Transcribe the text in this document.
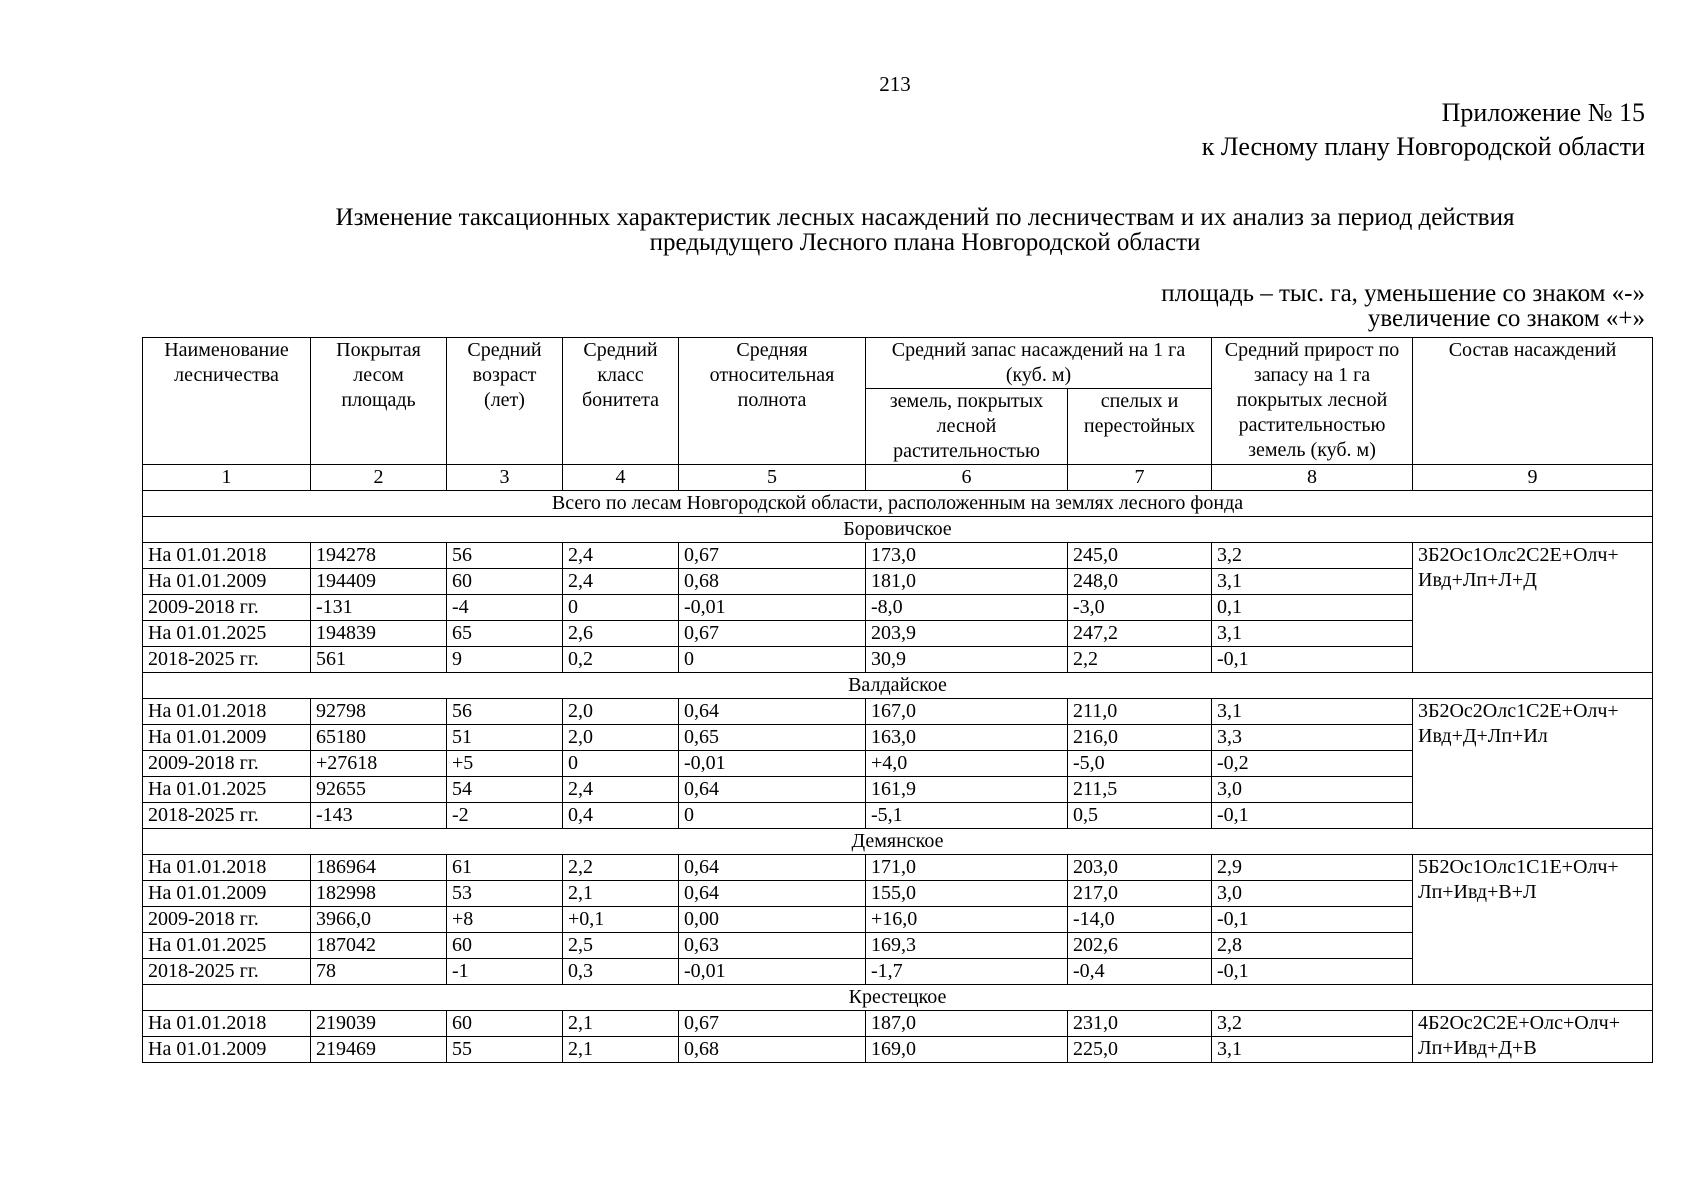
213
Приложение № 15
к Лесному плану Новгородской области
Изменение таксационных характеристик лесных насаждений по лесничествам и их анализ за период действия
предыдущего Лесного плана Новгородской области
площадь – тыс. га, уменьшение со знаком «-»
увеличение со знаком «+»
Наименование лесничества	Покрытая лесом площадь	Средний возраст (лет)	Средний класс бонитета	Средняя относительная полнота	Средний запас насаждений на 1 га (куб. м)		Средний прирост по запасу на 1 га покрытых лесной растительностью земель (куб. м)	Состав насаждений
					земель, покрытых лесной растительностью	спелых и перестойных		
1	2	3	4	5	6	7	8	9
Всего по лесам Новгородской области, расположенным на землях лесного фонда								
Боровичское								
На 01.01.2018	194278	56	2,4	0,67	173,0	245,0	3,2	3Б2Ос1Олс2С2Е+Олч+ Ивд+Лп+Л+Д
На 01.01.2009	194409	60	2,4	0,68	181,0	248,0	3,1	
2009-2018 гг.	-131	-4	0	-0,01	-8,0	-3,0	0,1	
На 01.01.2025	194839	65	2,6	0,67	203,9	247,2	3,1	
2018-2025 гг.	561	9	0,2	0	30,9	2,2	-0,1	
Валдайское								
На 01.01.2018	92798	56	2,0	0,64	167,0	211,0	3,1	3Б2Ос2Олс1С2Е+Олч+ Ивд+Д+Лп+Ил
На 01.01.2009	65180	51	2,0	0,65	163,0	216,0	3,3	
2009-2018 гг.	+27618	+5	0	-0,01	+4,0	-5,0	-0,2	
На 01.01.2025	92655	54	2,4	0,64	161,9	211,5	3,0	
2018-2025 гг.	-143	-2	0,4	0	-5,1	0,5	-0,1	
Демянское								
На 01.01.2018	186964	61	2,2	0,64	171,0	203,0	2,9	5Б2Ос1Олс1С1Е+Олч+ Лп+Ивд+В+Л
На 01.01.2009	182998	53	2,1	0,64	155,0	217,0	3,0	
2009-2018 гг.	3966,0	+8	+0,1	0,00	+16,0	-14,0	-0,1	
На 01.01.2025	187042	60	2,5	0,63	169,3	202,6	2,8	
2018-2025 гг.	78	-1	0,3	-0,01	-1,7	-0,4	-0,1	
Крестецкое								
На 01.01.2018	219039	60	2,1	0,67	187,0	231,0	3,2	4Б2Ос2С2Е+Олс+Олч+ Лп+Ивд+Д+В
На 01.01.2009	219469	55	2,1	0,68	169,0	225,0	3,1	
